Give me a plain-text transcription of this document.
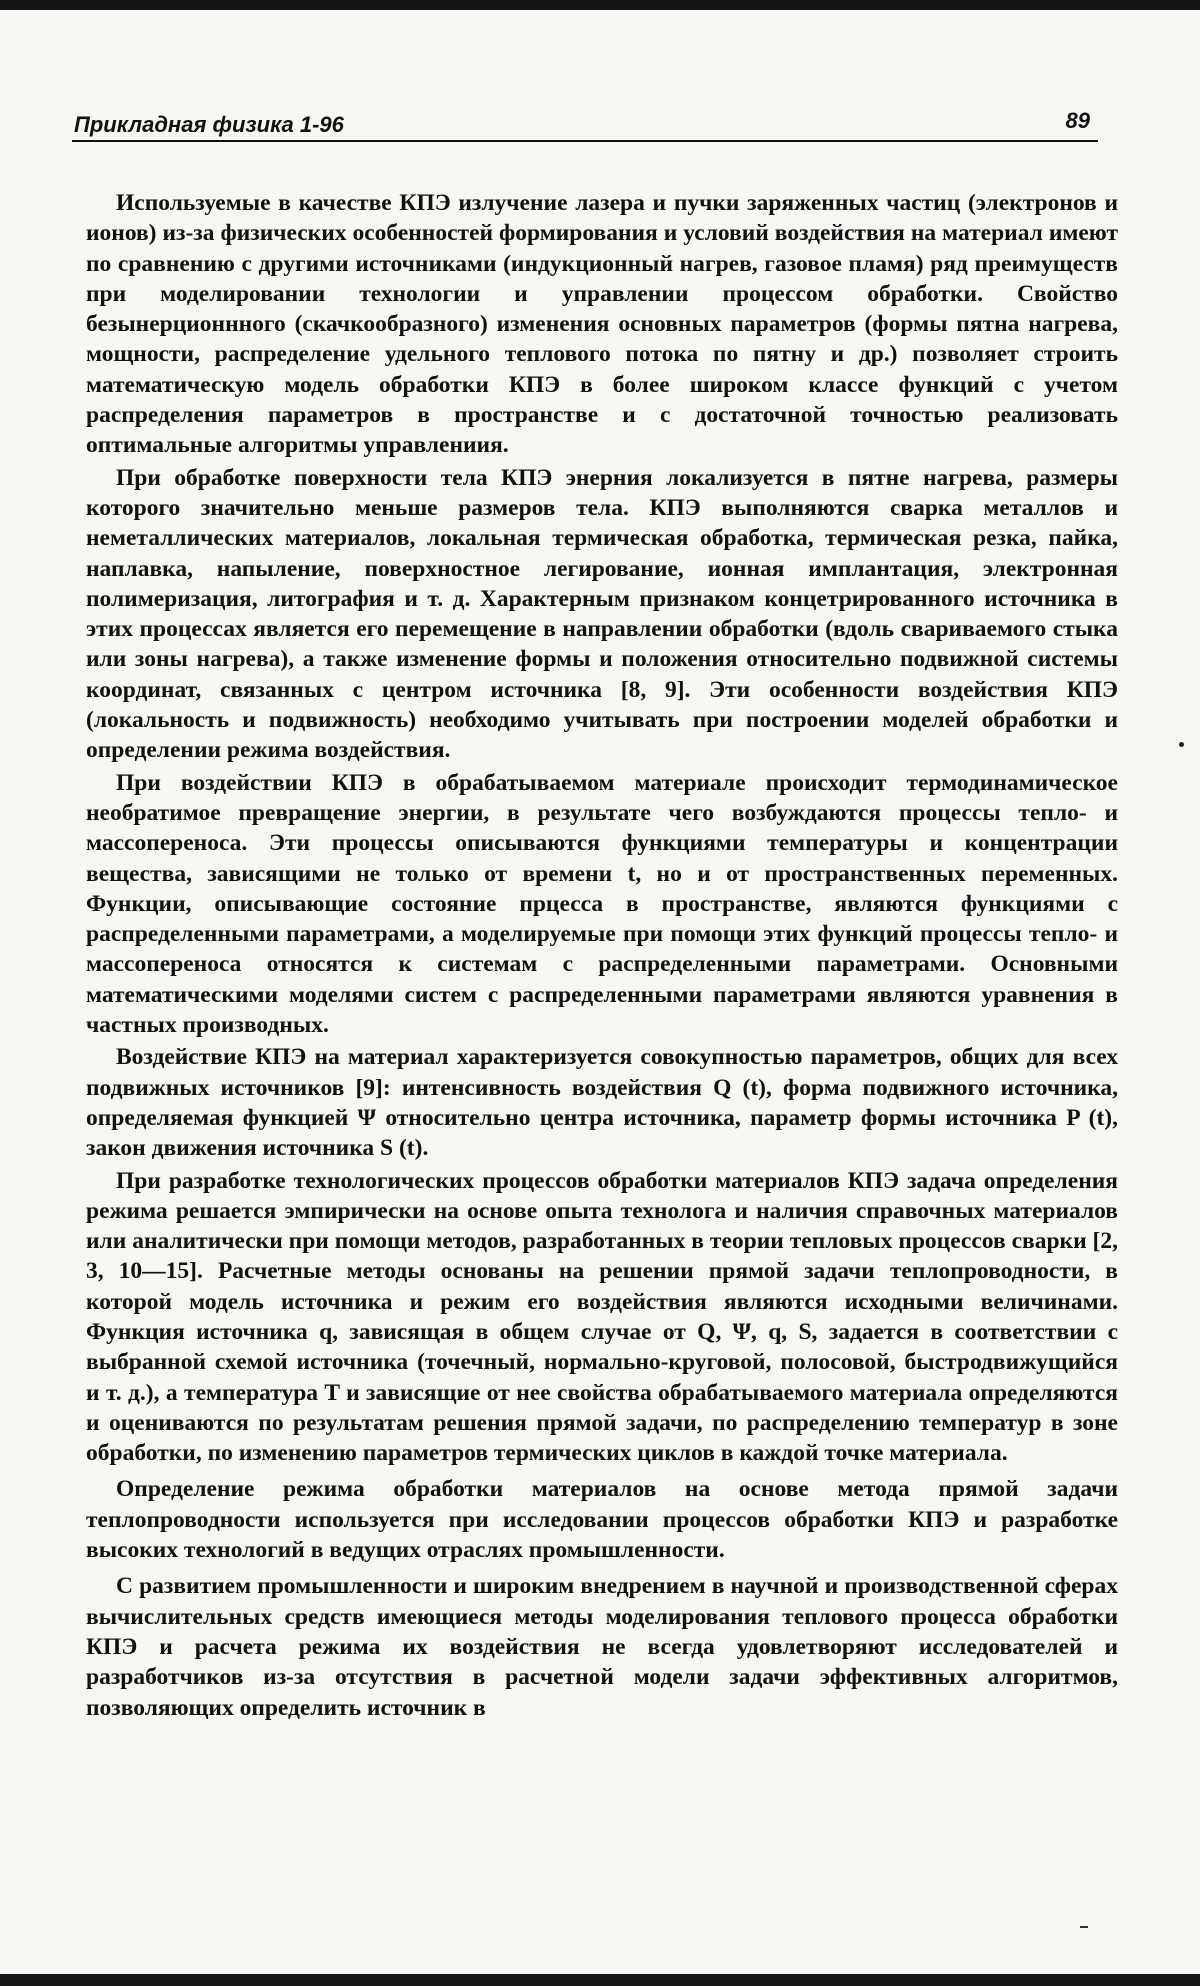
Прикладная физика 1-96	89

Используемые в качестве КПЭ излучение лазера и пучки заряженных частиц (электронов и ионов) из-за физических особенностей формирования и условий воздействия на материал имеют по сравнению с другими источниками (индукционный нагрев, газовое пламя) ряд преимуществ при моделировании технологии и управлении процессом обработки. Свойство безынерционнного (скачкообразного) изменения основных параметров (формы пятна нагрева, мощности, распределение удельного теплового потока по пятну и др.) позволяет строить математическую модель обработки КПЭ в более широком классе функций с учетом распределения параметров в пространстве и с достаточной точностью реализовать оптимальные алгоритмы управлениия.

При обработке поверхности тела КПЭ энерния локализуется в пятне нагрева, размеры которого значительно меньше размеров тела. КПЭ выполняются сварка металлов и неметаллических материалов, локальная термическая обработка, термическая резка, пайка, наплавка, напыление, поверхностное легирование, ионная имплантация, электронная полимеризация, литография и т. д. Характерным признаком концетрированного источника в этих процессах является его перемещение в направлении обработки (вдоль свариваемого стыка или зоны нагрева), а также изменение формы и положения относительно подвижной системы координат, связанных с центром источника [8, 9]. Эти особенности воздействия КПЭ (локальность и подвижность) необходимо учитывать при построении моделей обработки и определении режима воздействия.

При воздействии КПЭ в обрабатываемом материале происходит термодинамическое необратимое превращение энергии, в результате чего возбуждаются процессы тепло- и массопереноса. Эти процессы описываются функциями температуры и концентрации вещества, зависящими не только от времени t, но и от пространственных переменных. Функции, описывающие состояние прцесса в пространстве, являются функциями с распределенными параметрами, а моделируемые при помощи этих функций процессы тепло- и массопереноса относятся к системам с распределенными параметрами. Основными математическими моделями систем с распределенными параметрами являются уравнения в частных производных.

Воздействие КПЭ на материал характеризуется совокупностью параметров, общих для всех подвижных источников [9]: интенсивность воздействия Q (t), форма подвижного источника, определяемая функцией Ψ относительно центра источника, параметр формы источника P (t), закон движения источника S (t).

При разработке технологических процессов обработки материалов КПЭ задача определения режима решается эмпирически на основе опыта технолога и наличия справочных материалов или аналитически при помощи методов, разработанных в теории тепловых процессов сварки [2, 3, 10—15]. Расчетные методы основаны на решении прямой задачи теплопроводности, в которой модель источника и режим его воздействия являются исходными величинами. Функция источника q, зависящая в общем случае от Q, Ψ, q, S, задается в соответствии с выбранной схемой источника (точечный, нормально-круговой, полосовой, быстродвижущийся и т. д.), а температура T и зависящие от нее свойства обрабатываемого материала определяются и оцениваются по результатам решения прямой задачи, по распределению температур в зоне обработки, по изменению параметров термических циклов в каждой точке материала.

Определение режима обработки материалов на основе метода прямой задачи теплопроводности используется при исследовании процессов обработки КПЭ и разработке высоких технологий в ведущих отраслях промышленности.

С развитием промышленности и широким внедрением в научной и производственной сферах вычислительных средств имеющиеся методы моделирования теплового процесса обработки КПЭ и расчета режима их воздействия не всегда удовлетворяют исследователей и разработчиков из-за отсутствия в расчетной модели задачи эффективных алгоритмов, позволяющих определить источник в
